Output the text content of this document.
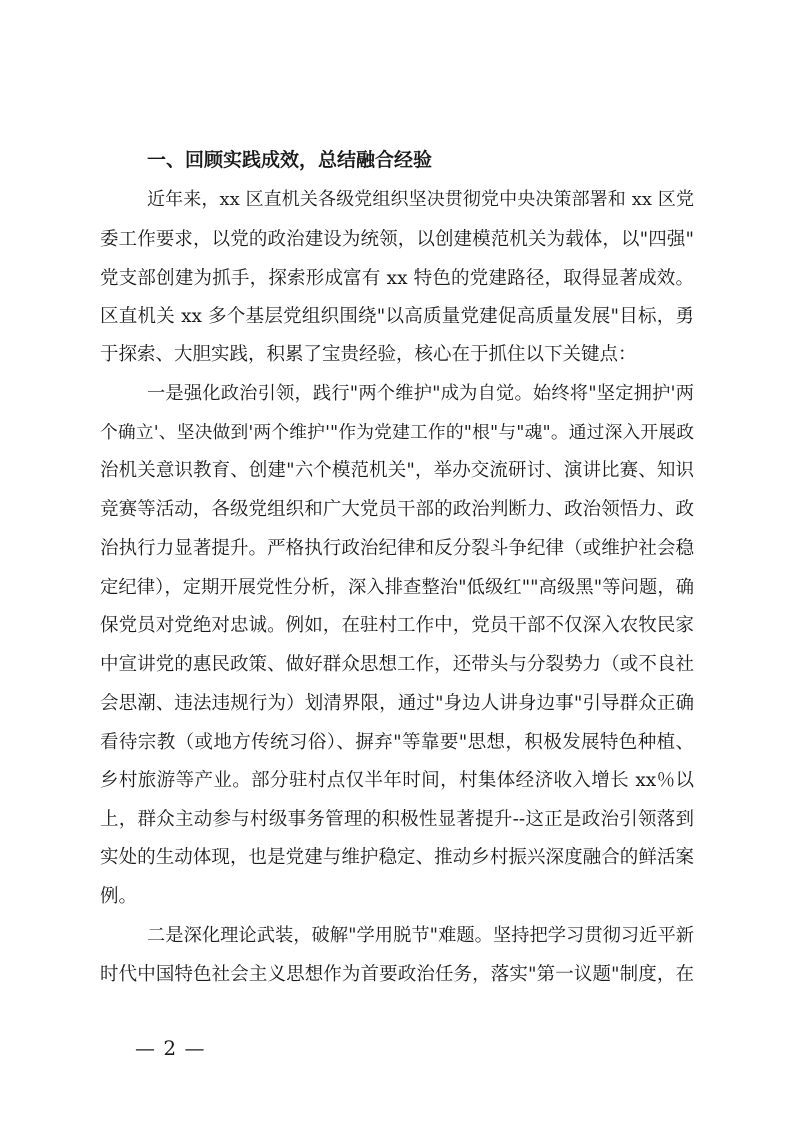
一、回顾实践成效，总结融合经验

近年来，xx 区直机关各级党组织坚决贯彻党中央决策部署和 xx 区党

委工作要求，以党的政治建设为统领，以创建模范机关为载体，以"四强"

党支部创建为抓手，探索形成富有 xx 特色的党建路径，取得显著成效。

区直机关 xx 多个基层党组织围绕"以高质量党建促高质量发展"目标，勇

于探索、大胆实践，积累了宝贵经验，核心在于抓住以下关键点：

一是强化政治引领，践行"两个维护"成为自觉。始终将"坚定拥护'两

个确立'、坚决做到'两个维护'"作为党建工作的"根"与"魂"。通过深入开展政

治机关意识教育、创建"六个模范机关"，举办交流研讨、演讲比赛、知识

竞赛等活动，各级党组织和广大党员干部的政治判断力、政治领悟力、政

治执行力显著提升。严格执行政治纪律和反分裂斗争纪律（或维护社会稳

定纪律），定期开展党性分析，深入排查整治"低级红""高级黑"等问题，确

保党员对党绝对忠诚。例如，在驻村工作中，党员干部不仅深入农牧民家

中宣讲党的惠民政策、做好群众思想工作，还带头与分裂势力（或不良社

会思潮、违法违规行为）划清界限，通过"身边人讲身边事"引导群众正确

看待宗教（或地方传统习俗）、摒弃"等靠要"思想，积极发展特色种植、

乡村旅游等产业。部分驻村点仅半年时间，村集体经济收入增长 xx％以

上，群众主动参与村级事务管理的积极性显著提升--这正是政治引领落到

实处的生动体现，也是党建与维护稳定、推动乡村振兴深度融合的鲜活案

例。

二是深化理论武装，破解"学用脱节"难题。坚持把学习贯彻习近平新

时代中国特色社会主义思想作为首要政治任务，落实"第一议题"制度，在

— 2 —
